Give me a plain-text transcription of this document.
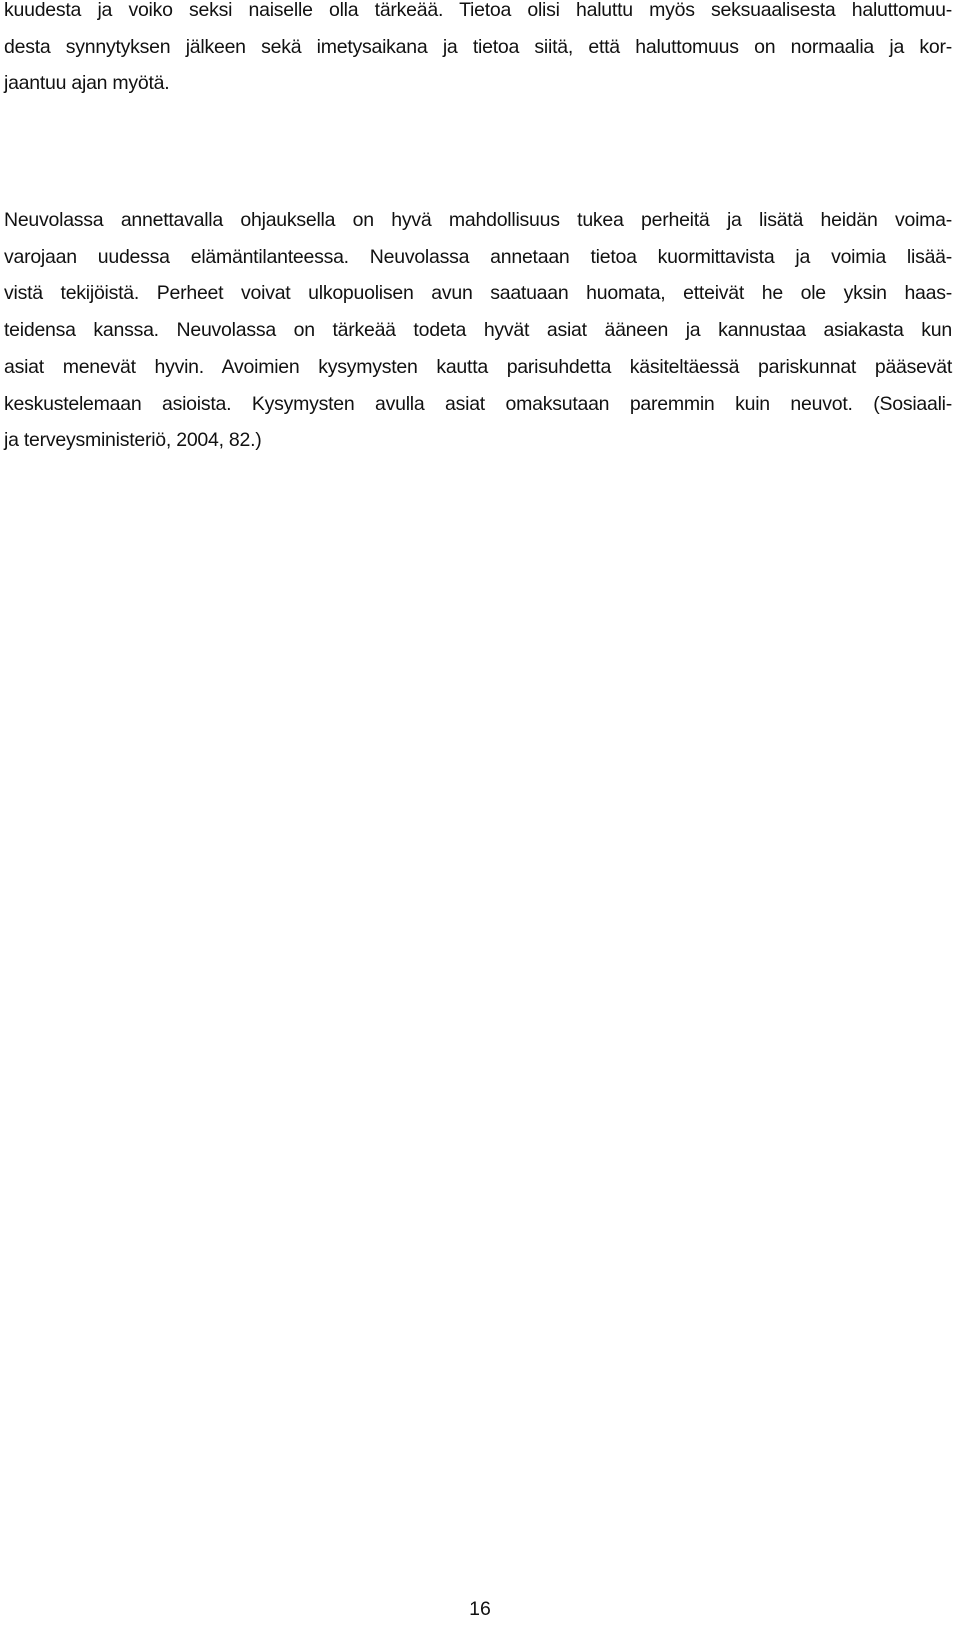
kuudesta ja voiko seksi naiselle olla tärkeää. Tietoa olisi haluttu myös seksuaalisesta haluttomuu-
desta synnytyksen jälkeen sekä imetysaikana ja tietoa siitä, että haluttomuus on normaalia ja kor-
jaantuu ajan myötä.

Neuvolassa annettavalla ohjauksella on hyvä mahdollisuus tukea perheitä ja lisätä heidän voima-
varojaan uudessa elämäntilanteessa. Neuvolassa annetaan tietoa kuormittavista ja voimia lisää-
vistä tekijöistä. Perheet voivat ulkopuolisen avun saatuaan huomata, etteivät he ole yksin haas-
teidensa kanssa. Neuvolassa on tärkeää todeta hyvät asiat ääneen ja kannustaa asiakasta kun
asiat menevät hyvin. Avoimien kysymysten kautta parisuhdetta käsiteltäessä pariskunnat pääsevät
keskustelemaan asioista. Kysymysten avulla asiat omaksutaan paremmin kuin neuvot. (Sosiaali-
ja terveysministeriö, 2004, 82.)

16
